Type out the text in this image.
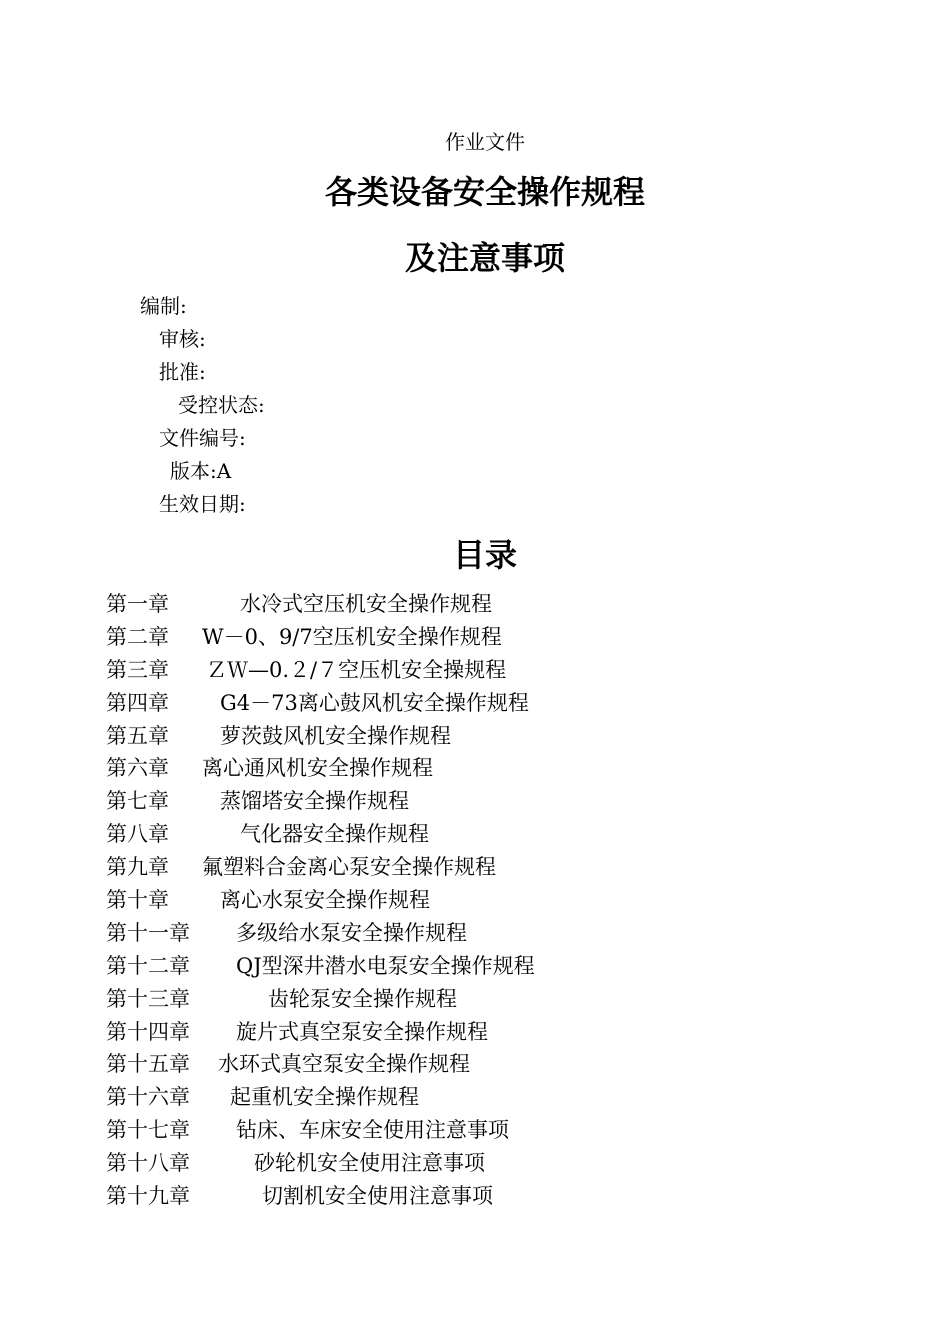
作业文件
各类设备安全操作规程
及注意事项
编制:
审核:
批准:
受控状态:
文件编号:
版本:A
生效日期:
目录
第一章	水冷式空压机安全操作规程
第二章 W－0、9/7空压机安全操作规程
第三章 ＺＷ—0.２/７空压机安全操规程
第四章 G4－73离心鼓风机安全操作规程
第五章 萝茨鼓风机安全操作规程
第六章 离心通风机安全操作规程
第七章 蒸馏塔安全操作规程
第八章	气化器安全操作规程
第九章 氟塑料合金离心泵安全操作规程
第十章 离心水泵安全操作规程
第十一章 多级给水泵安全操作规程
第十二章 QJ型深井潜水电泵安全操作规程
第十三章	齿轮泵安全操作规程
第十四章 旋片式真空泵安全操作规程
第十五章 水环式真空泵安全操作规程
第十六章 起重机安全操作规程
第十七章 钻床、车床安全使用注意事项
第十八章	砂轮机安全使用注意事项
第十九章	切割机安全使用注意事项
